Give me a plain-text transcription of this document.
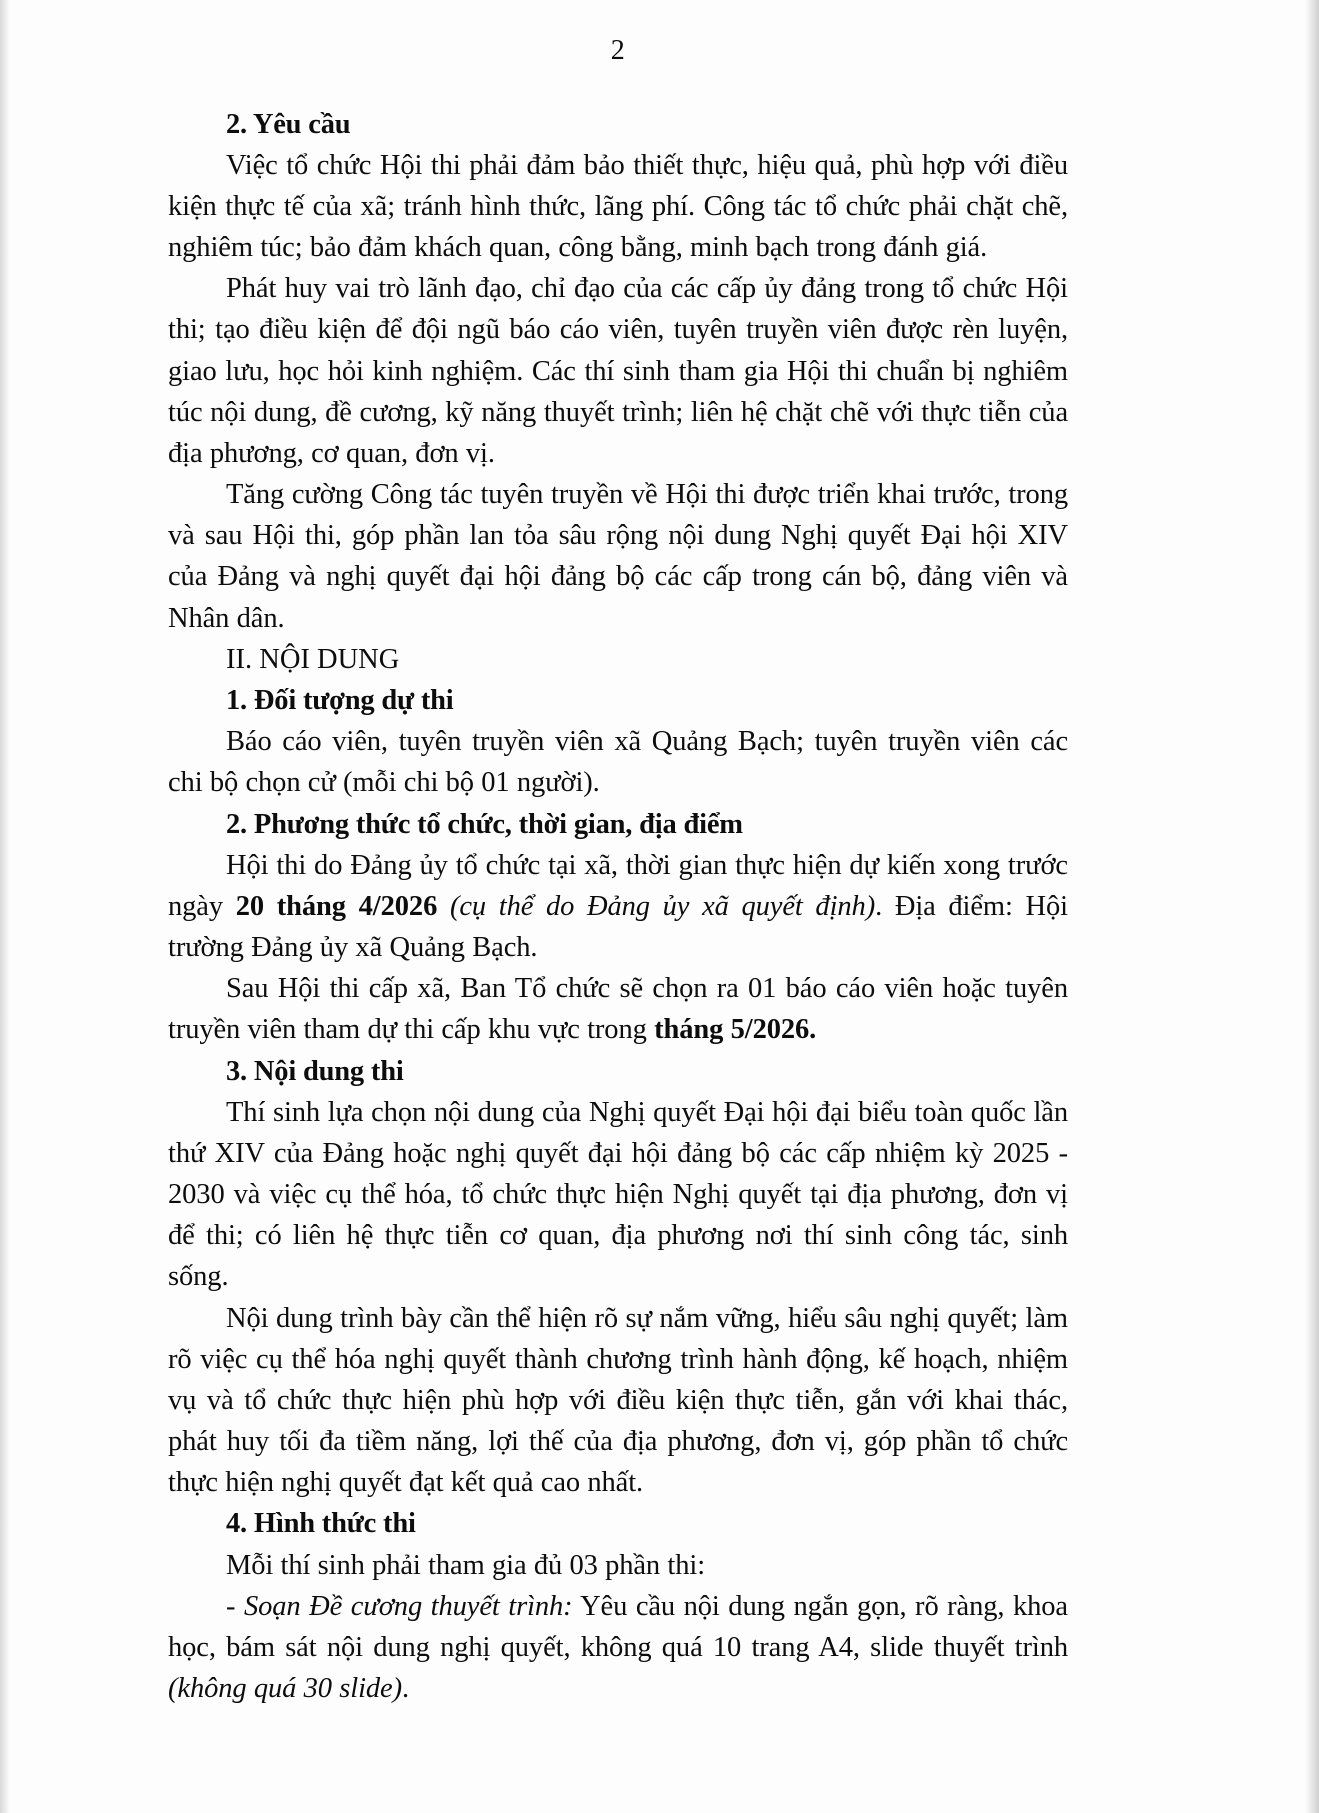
2

2. Yêu cầu

Việc tổ chức Hội thi phải đảm bảo thiết thực, hiệu quả, phù hợp với điều kiện thực tế của xã; tránh hình thức, lãng phí. Công tác tổ chức phải chặt chẽ, nghiêm túc; bảo đảm khách quan, công bằng, minh bạch trong đánh giá.

Phát huy vai trò lãnh đạo, chỉ đạo của các cấp ủy đảng trong tổ chức Hội thi; tạo điều kiện để đội ngũ báo cáo viên, tuyên truyền viên được rèn luyện, giao lưu, học hỏi kinh nghiệm. Các thí sinh tham gia Hội thi chuẩn bị nghiêm túc nội dung, đề cương, kỹ năng thuyết trình; liên hệ chặt chẽ với thực tiễn của địa phương, cơ quan, đơn vị.

Tăng cường Công tác tuyên truyền về Hội thi được triển khai trước, trong và sau Hội thi, góp phần lan tỏa sâu rộng nội dung Nghị quyết Đại hội XIV của Đảng và nghị quyết đại hội đảng bộ các cấp trong cán bộ, đảng viên và Nhân dân.

II. NỘI DUNG

1. Đối tượng dự thi

Báo cáo viên, tuyên truyền viên xã Quảng Bạch; tuyên truyền viên các chi bộ chọn cử (mỗi chi bộ 01 người).

2. Phương thức tổ chức, thời gian, địa điểm

Hội thi do Đảng ủy tổ chức tại xã, thời gian thực hiện dự kiến xong trước ngày 20 tháng 4/2026 (cụ thể do Đảng ủy xã quyết định). Địa điểm: Hội trường Đảng ủy xã Quảng Bạch.

Sau Hội thi cấp xã, Ban Tổ chức sẽ chọn ra 01 báo cáo viên hoặc tuyên truyền viên tham dự thi cấp khu vực trong tháng 5/2026.

3. Nội dung thi

Thí sinh lựa chọn nội dung của Nghị quyết Đại hội đại biểu toàn quốc lần thứ XIV của Đảng hoặc nghị quyết đại hội đảng bộ các cấp nhiệm kỳ 2025 - 2030 và việc cụ thể hóa, tổ chức thực hiện Nghị quyết tại địa phương, đơn vị để thi; có liên hệ thực tiễn cơ quan, địa phương nơi thí sinh công tác, sinh sống.

Nội dung trình bày cần thể hiện rõ sự nắm vững, hiểu sâu nghị quyết; làm rõ việc cụ thể hóa nghị quyết thành chương trình hành động, kế hoạch, nhiệm vụ và tổ chức thực hiện phù hợp với điều kiện thực tiễn, gắn với khai thác, phát huy tối đa tiềm năng, lợi thế của địa phương, đơn vị, góp phần tổ chức thực hiện nghị quyết đạt kết quả cao nhất.

4. Hình thức thi

Mỗi thí sinh phải tham gia đủ 03 phần thi:

- Soạn Đề cương thuyết trình: Yêu cầu nội dung ngắn gọn, rõ ràng, khoa học, bám sát nội dung nghị quyết, không quá 10 trang A4, slide thuyết trình (không quá 30 slide).
